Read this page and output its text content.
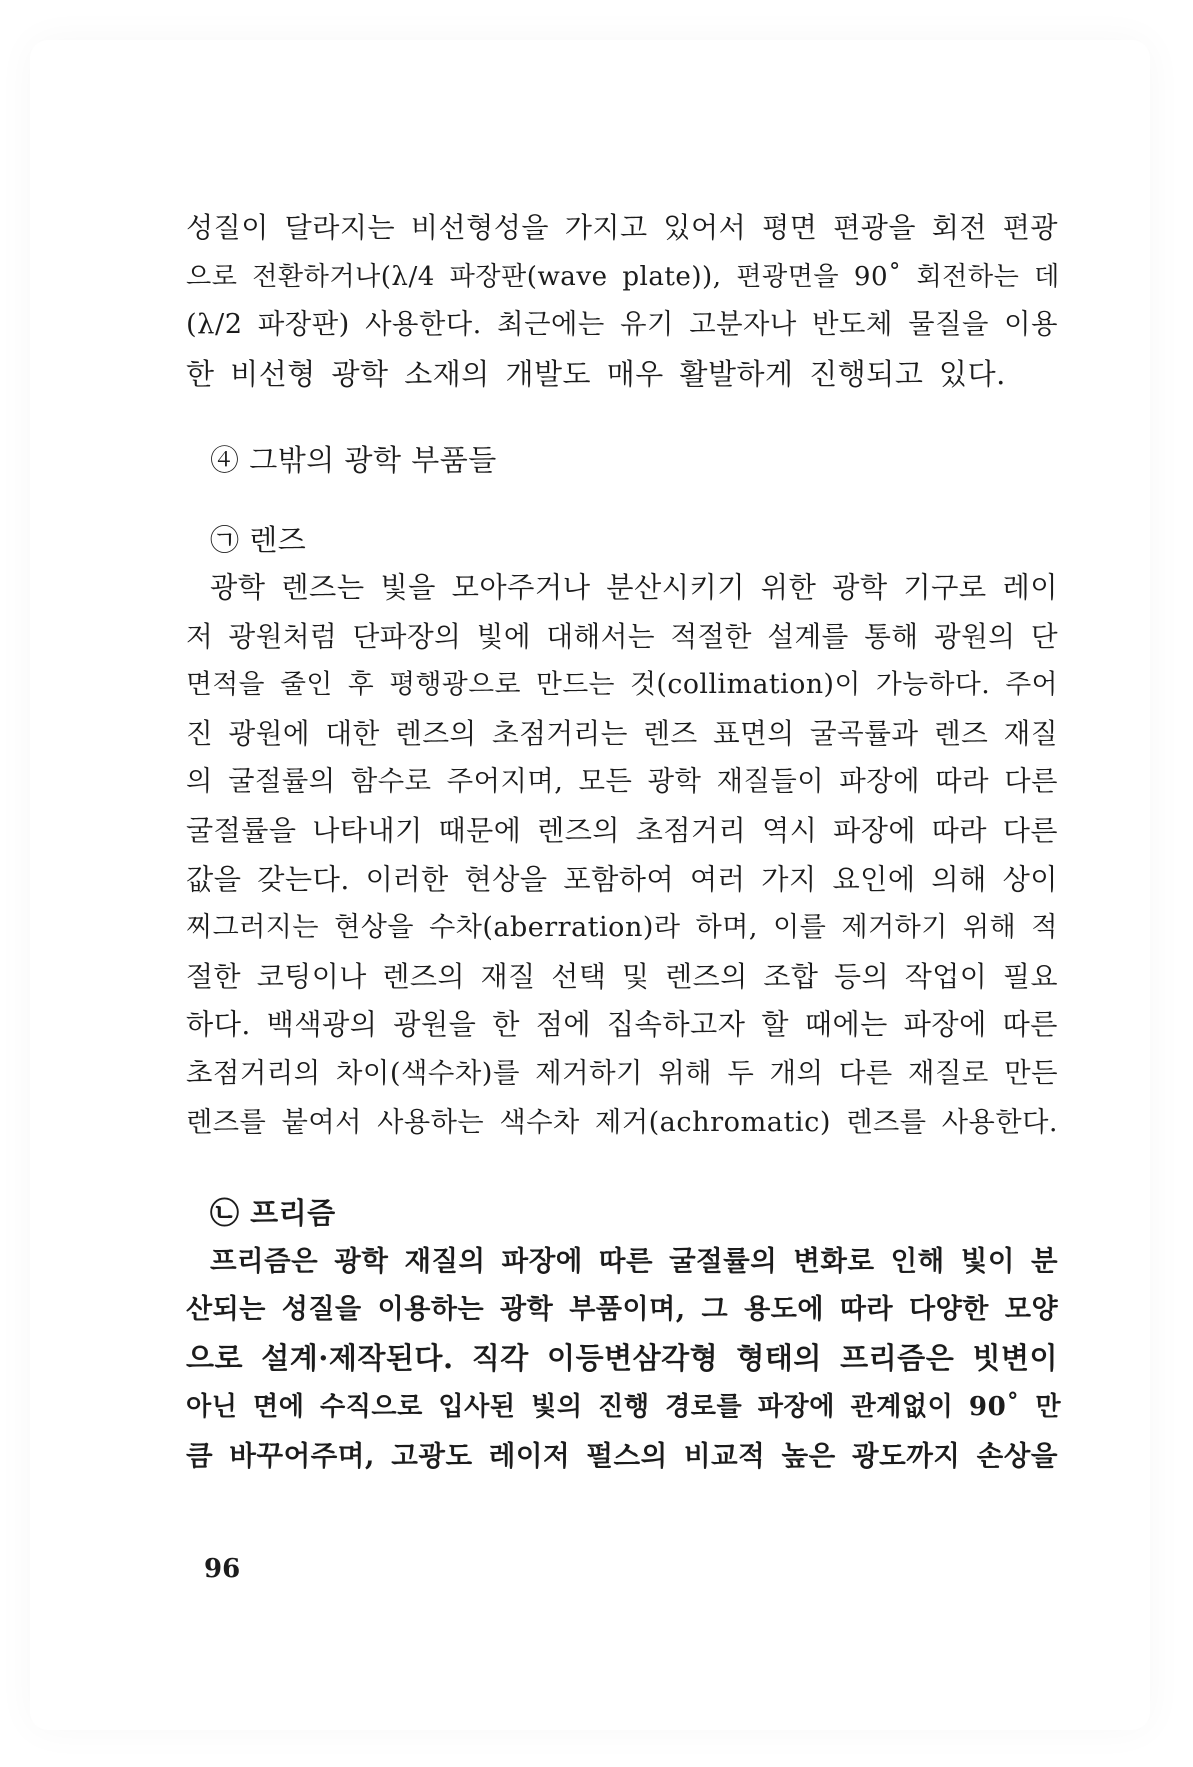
성질이 달라지는 비선형성을 가지고 있어서 평면 편광을 회전 편광
으로 전환하거나(λ/4 파장판(wave plate)), 편광면을 90˚ 회전하는 데
(λ/2 파장판) 사용한다. 최근에는 유기 고분자나 반도체 물질을 이용
한 비선형 광학 소재의 개발도 매우 활발하게 진행되고 있다.
④ 그밖의 광학 부품들
㉠ 렌즈
광학 렌즈는 빛을 모아주거나 분산시키기 위한 광학 기구로 레이
저 광원처럼 단파장의 빛에 대해서는 적절한 설계를 통해 광원의 단
면적을 줄인 후 평행광으로 만드는 것(collimation)이 가능하다. 주어
진 광원에 대한 렌즈의 초점거리는 렌즈 표면의 굴곡률과 렌즈 재질
의 굴절률의 함수로 주어지며, 모든 광학 재질들이 파장에 따라 다른
굴절률을 나타내기 때문에 렌즈의 초점거리 역시 파장에 따라 다른
값을 갖는다. 이러한 현상을 포함하여 여러 가지 요인에 의해 상이
찌그러지는 현상을 수차(aberration)라 하며, 이를 제거하기 위해 적
절한 코팅이나 렌즈의 재질 선택 및 렌즈의 조합 등의 작업이 필요
하다. 백색광의 광원을 한 점에 집속하고자 할 때에는 파장에 따른
초점거리의 차이(색수차)를 제거하기 위해 두 개의 다른 재질로 만든
렌즈를 붙여서 사용하는 색수차 제거(achromatic) 렌즈를 사용한다.
㉡ 프리즘
프리즘은 광학 재질의 파장에 따른 굴절률의 변화로 인해 빛이 분
산되는 성질을 이용하는 광학 부품이며, 그 용도에 따라 다양한 모양
으로 설계·제작된다. 직각 이등변삼각형 형태의 프리즘은 빗변이
아닌 면에 수직으로 입사된 빛의 진행 경로를 파장에 관계없이 90˚ 만
큼 바꾸어주며, 고광도 레이저 펄스의 비교적 높은 광도까지 손상을
96
